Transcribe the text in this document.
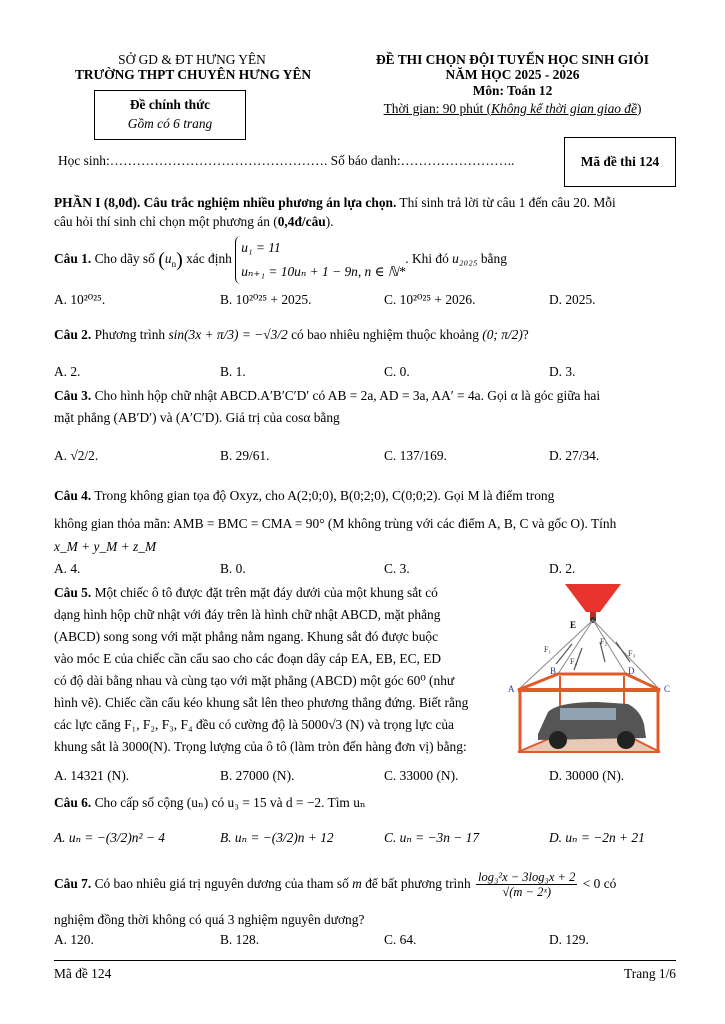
SỞ GD & ĐT HƯNG YÊN
TRƯỜNG THPT CHUYÊN HƯNG YÊN
Đề chính thức
Gồm có 6 trang
ĐỀ THI CHỌN ĐỘI TUYỂN HỌC SINH GIỎI
NĂM HỌC 2025 - 2026
Môn: Toán 12
Thời gian: 90 phút (Không kể thời gian giao đề)
Học sinh:…………………………………………. Số báo danh:……………………..	Mã đề thi 124
PHẦN I (8,0đ). Câu trắc nghiệm nhiều phương án lựa chọn. Thí sinh trả lời từ câu 1 đến câu 20. Mỗi
câu hỏi thí sinh chỉ chọn một phương án (0,4đ/câu).
Câu 1. Cho dãy số $(u_n)$ xác định
u₁ = 11
uₙ₊₁ = 10uₙ + 1 − 9n, n ∈ ℕ*
. Khi đó u₂₀₂₅ bằng
A. 10²⁰²⁵.	B. 10²⁰²⁵ + 2025.	C. 10²⁰²⁵ + 2026.	D. 2025.
Câu 2. Phương trình sin(3x + π/3) = −√3/2 có bao nhiêu nghiệm thuộc khoảng (0; π/2)?
A. 2.	B. 1.	C. 0.	D. 3.
Câu 3. Cho hình hộp chữ nhật ABCD.A′B′C′D′ có AB = 2a, AD = 3a, AA′ = 4a. Gọi α là góc giữa hai
mặt phẳng (AB′D′) và (A′C′D). Giá trị của cosα bằng
A. √2/2.	B. 29/61.	C. 137/169.	D. 27/34.
Câu 4. Trong không gian tọa độ Oxyz, cho A(2;0;0), B(0;2;0), C(0;0;2). Gọi M là điểm trong
không gian thỏa mãn: AMB = BMC = CMA = 90° (M không trùng với các điểm A, B, C và gốc O). Tính
x_M + y_M + z_M
A. 4.	B. 0.	C. 3.	D. 2.
Câu 5. Một chiếc ô tô được đặt trên mặt đáy dưới của một khung sắt có
dạng hình hộp chữ nhật với đáy trên là hình chữ nhật ABCD, mặt phẳng
(ABCD) song song với mặt phẳng nằm ngang. Khung sắt đó được buộc
vào móc E của chiếc cần cẩu sao cho các đoạn dây cáp EA, EB, EC, ED
có độ dài bằng nhau và cùng tạo với mặt phẳng (ABCD) một góc 60⁰ (như
hình vẽ). Chiếc cần cẩu kéo khung sắt lên theo phương thẳng đứng. Biết rằng
các lực căng F₁, F₂, F₃, F₄ đều có cường độ là 5000√3 (N) và trọng lực của
khung sắt là 3000(N). Trọng lượng của ô tô (làm tròn đến hàng đơn vị) bằng:
E
A
B
C
D
F₁
F₂
F₃
F₄
A. 14321 (N).	B. 27000 (N).	C. 33000 (N).	D. 30000 (N).
Câu 6. Cho cấp số cộng (uₙ) có u₃ = 15 và d = −2. Tìm uₙ
A. uₙ = −(3/2)n² − 4	B. uₙ = −(3/2)n + 12	C. uₙ = −3n − 17	D. uₙ = −2n + 21
Câu 7. Có bao nhiêu giá trị nguyên dương của tham số m để bất phương trình $\frac{\text{log₃²x − 3log₃x + 2}}{\text{√(m − 2ˣ)}} < 0$ có
nghiệm đồng thời không có quá 3 nghiệm nguyên dương?
A. 120.	B. 128.	C. 64.	D. 129.
Mã đề 124	Trang 1/6
